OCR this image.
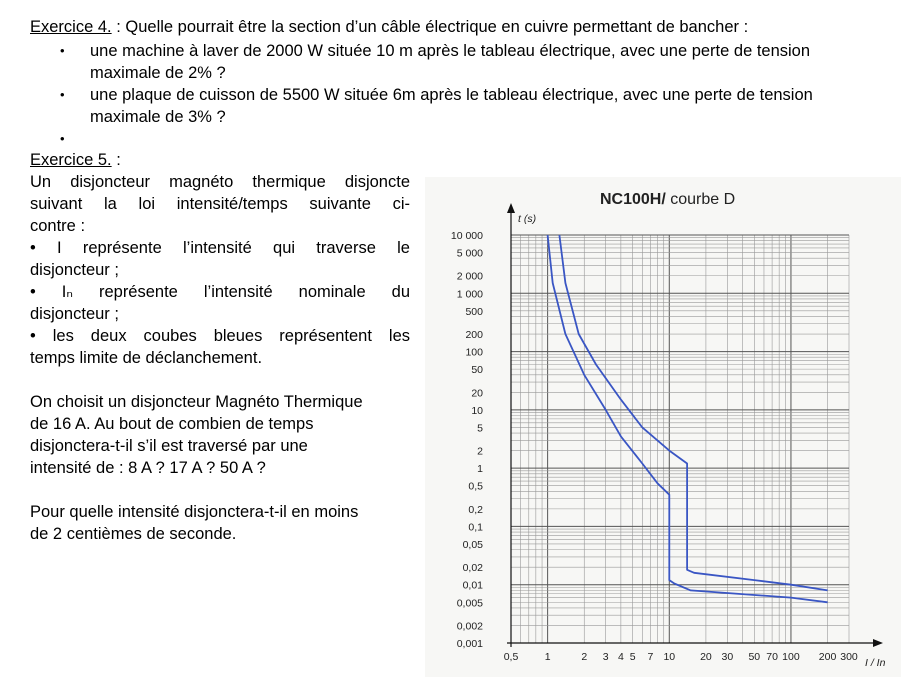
Exercice 4. : Quelle pourrait être la section d’un câble électrique en cuivre permettant de bancher :
• une machine à laver de 2000 W située 10 m après le tableau électrique, avec une perte de tension
maximale de 2% ?
• une plaque de cuisson de 5500 W située 6m après le tableau électrique, avec une perte de tension
maximale de 3% ?
•
Exercice 5. :
Un disjoncteur magnéto thermique disjoncte
suivant la loi intensité/temps suivante ci-
contre :
• I représente l’intensité qui traverse le
disjoncteur ;
• Iₙ représente l’intensité nominale du
disjoncteur ;
• les deux coubes bleues représentent les
temps limite de déclanchement.
On choisit un disjoncteur Magnéto Thermique
de 16 A. Au bout de combien de temps
disjonctera-t-il s’il est traversé par une
intensité de : 8 A ? 17 A ? 50 A ?
Pour quelle intensité disjonctera-t-il en moins
de 2 centièmes de seconde.
NC100H/ courbe D
t (s)
I / In
10 000
5 000
2 000
1 000
500
200
100
50
20
10
5
2
1
0,5
0,2
0,1
0,05
0,02
0,01
0,005
0,002
0,001
0,5	1	2 3 4 5 7 10 20 30 50 70 100 200 300
